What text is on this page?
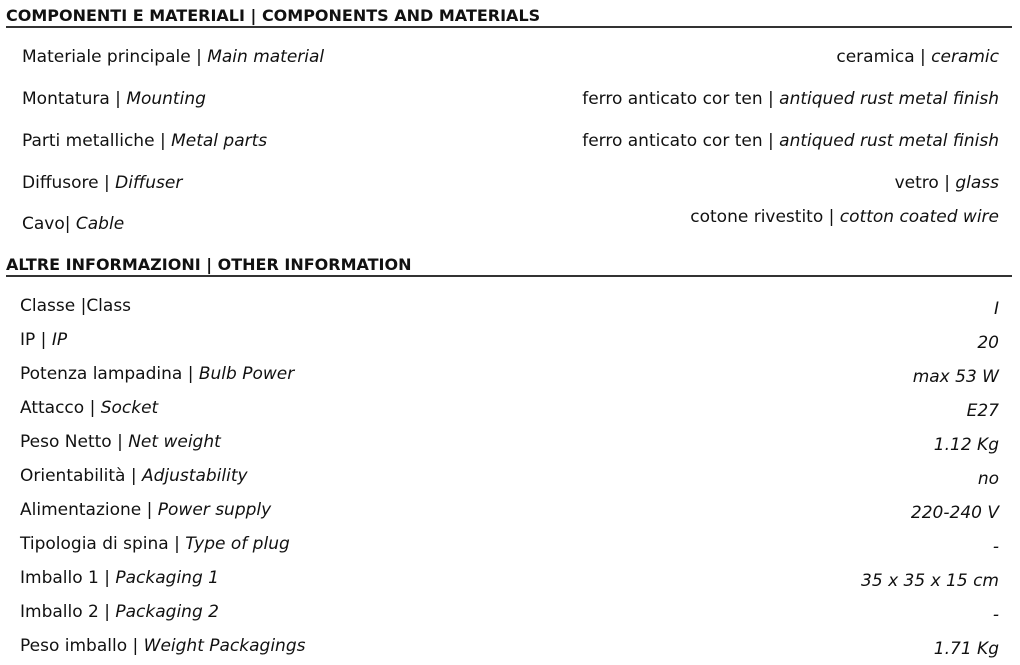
COMPONENTI E MATERIALI | COMPONENTS AND MATERIALS
Materiale principale | Main material	ceramica | ceramic
Montatura | Mounting	ferro anticato cor ten | antiqued rust metal finish
Parti metalliche | Metal parts	ferro anticato cor ten | antiqued rust metal finish
Diffusore | Diffuser	vetro | glass
Cavo| Cable	cotone rivestito | cotton coated wire
ALTRE INFORMAZIONI | OTHER INFORMATION
Classe |Class	I
IP | IP	20
Potenza lampadina | Bulb Power	max 53 W
Attacco | Socket	E27
Peso Netto | Net weight	1.12 Kg
Orientabilità | Adjustability	no
Alimentazione | Power supply	220-240 V
Tipologia di spina | Type of plug	-
Imballo 1 | Packaging 1	35 x 35 x 15 cm
Imballo 2 | Packaging 2	-
Peso imballo | Weight Packagings	1.71 Kg
